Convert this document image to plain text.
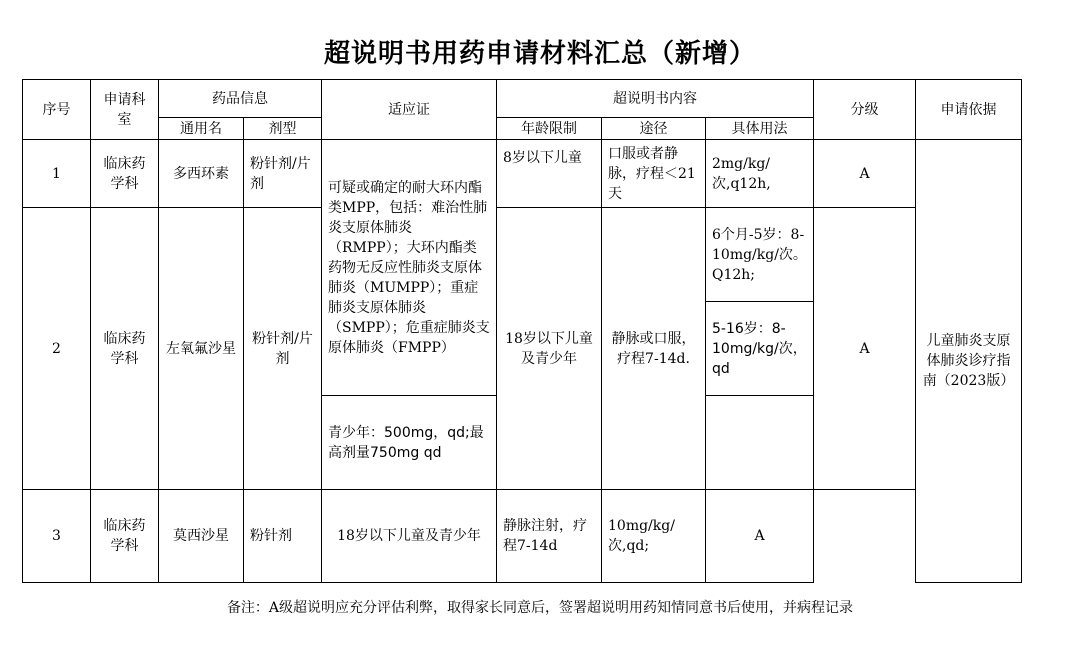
超说明书用药申请材料汇总（新增）
序号	申请科室	药品信息		适应证	超说明书内容			分级	申请依据
		通用名	剂型		年龄限制	途径	具体用法		
1	临床药学科	多西环素	粉针剂/片剂	可疑或确定的耐大环内酯类MPP，包括：难治性肺炎支原体肺炎（RMPP）；大环内酯类药物无反应性肺炎支原体肺炎（MUMPP）；重症肺炎支原体肺炎（SMPP）；危重症肺炎支原体肺炎（FMPP）	8岁以下儿童	口服或者静脉，疗程＜21天	2mg/kg/次,q12h,	A	儿童肺炎支原体肺炎诊疗指南（2023版）
2	临床药学科	左氧氟沙星	粉针剂/片剂		18岁以下儿童及青少年	静脉或口服，疗程7-14d.	6个月-5岁：8-10mg/kg/次。Q12h;	A	
							5-16岁：8-10mg/kg/次，qd		
				青少年：500mg，qd;最高剂量750mg qd					
3	临床药学科	莫西沙星	粉针剂	18岁以下儿童及青少年	静脉注射，疗程7-14d	10mg/kg/次,qd;	A		
备注：A级超说明应充分评估利弊，取得家长同意后，签署超说明用药知情同意书后使用，并病程记录
